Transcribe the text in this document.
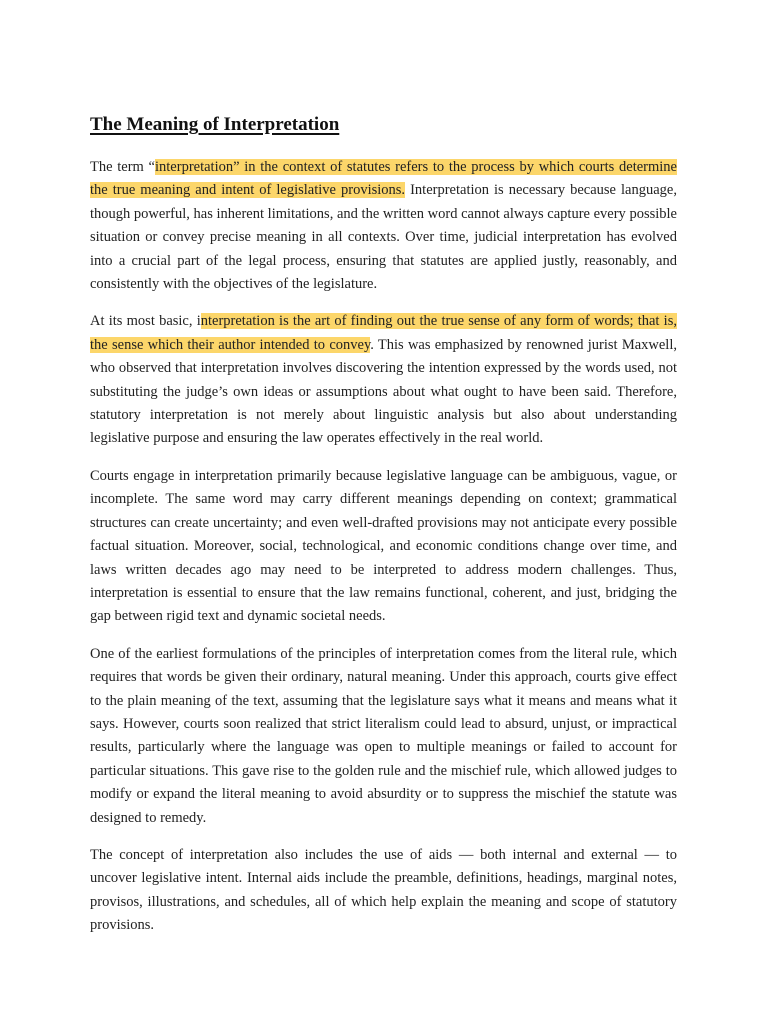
The Meaning of Interpretation

The term “interpretation” in the context of statutes refers to the process by which courts determine the true meaning and intent of legislative provisions. Interpretation is necessary because language, though powerful, has inherent limitations, and the written word cannot always capture every possible situation or convey precise meaning in all contexts. Over time, judicial interpretation has evolved into a crucial part of the legal process, ensuring that statutes are applied justly, reasonably, and consistently with the objectives of the legislature.

At its most basic, interpretation is the art of finding out the true sense of any form of words; that is, the sense which their author intended to convey. This was emphasized by renowned jurist Maxwell, who observed that interpretation involves discovering the intention expressed by the words used, not substituting the judge’s own ideas or assumptions about what ought to have been said. Therefore, statutory interpretation is not merely about linguistic analysis but also about understanding legislative purpose and ensuring the law operates effectively in the real world.

Courts engage in interpretation primarily because legislative language can be ambiguous, vague, or incomplete. The same word may carry different meanings depending on context; grammatical structures can create uncertainty; and even well-drafted provisions may not anticipate every possible factual situation. Moreover, social, technological, and economic conditions change over time, and laws written decades ago may need to be interpreted to address modern challenges. Thus, interpretation is essential to ensure that the law remains functional, coherent, and just, bridging the gap between rigid text and dynamic societal needs.

One of the earliest formulations of the principles of interpretation comes from the literal rule, which requires that words be given their ordinary, natural meaning. Under this approach, courts give effect to the plain meaning of the text, assuming that the legislature says what it means and means what it says. However, courts soon realized that strict literalism could lead to absurd, unjust, or impractical results, particularly where the language was open to multiple meanings or failed to account for particular situations. This gave rise to the golden rule and the mischief rule, which allowed judges to modify or expand the literal meaning to avoid absurdity or to suppress the mischief the statute was designed to remedy.

The concept of interpretation also includes the use of aids — both internal and external — to uncover legislative intent. Internal aids include the preamble, definitions, headings, marginal notes, provisos, illustrations, and schedules, all of which help explain the meaning and scope of statutory provisions.
